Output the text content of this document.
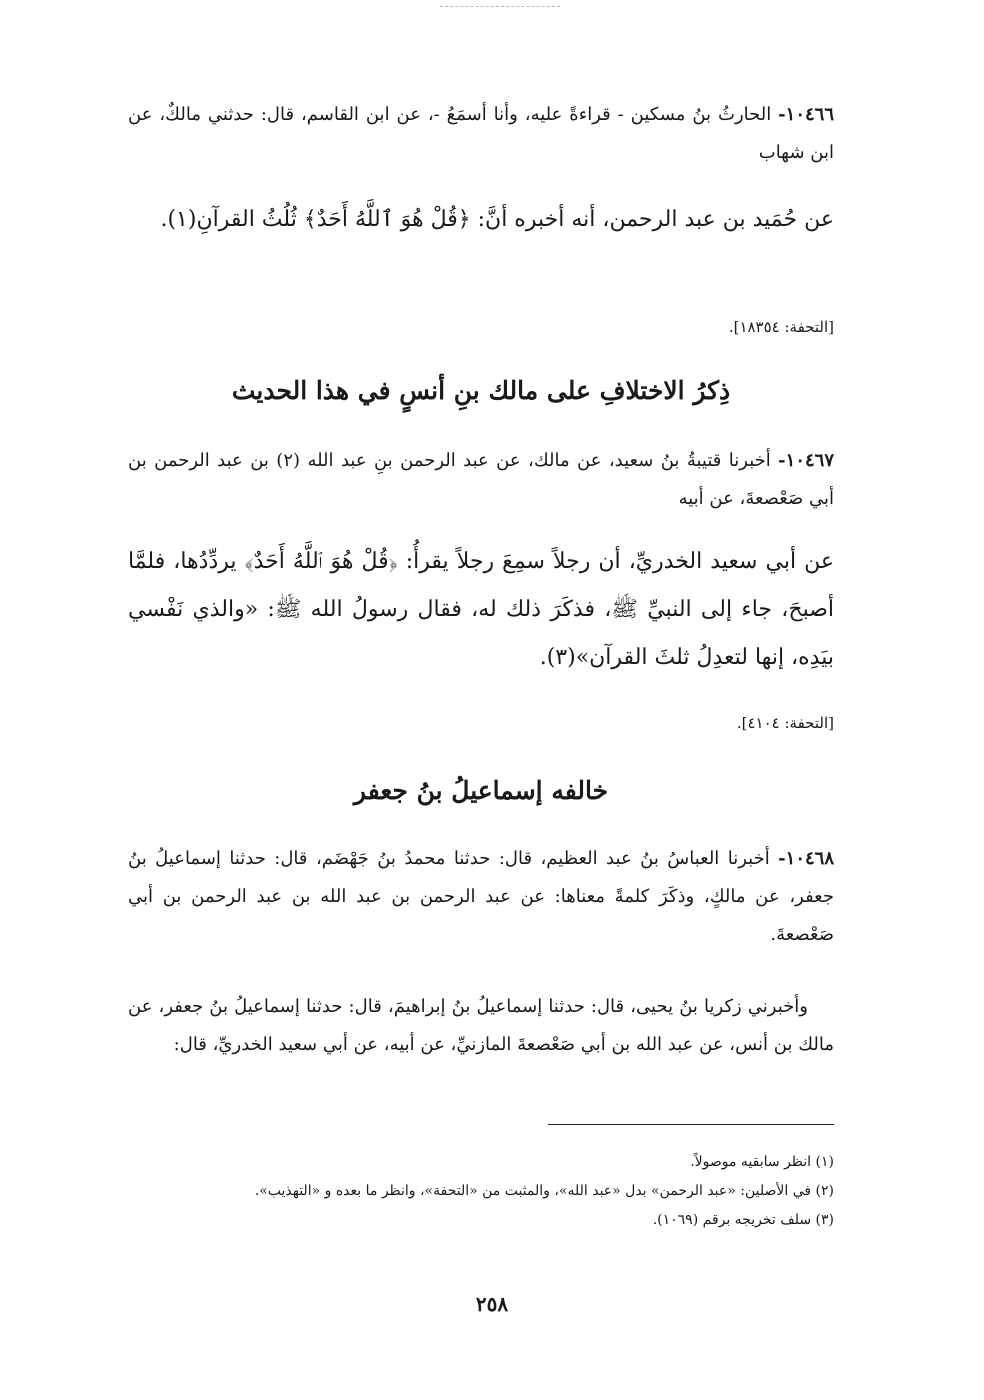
١٠٤٦٦- الحارثُ بنُ مسكين - قراءةً عليه، وأنا أسمَعُ -، عن ابن القاسم، قال: حدثني مالكٌ، عن ابن شهاب

عن حُمَيد بن عبد الرحمن، أنه أخبره أنَّ: ﴿قُلْ هُوَ ٱللَّهُ أَحَدٌ﴾ ثُلُثُ القرآنِ(١).

[التحفة: ١٨٣٥٤].
ذِكرُ الاختلافِ على مالك بنِ أنسٍ في هذا الحديث

١٠٤٦٧- أخبرنا قتيبةُ بنُ سعيد، عن مالك، عن عبد الرحمن بنِ عبد الله (٢) بن عبد الرحمن بن أبي صَعْصعةَ، عن أبيه

عن أبي سعيد الخدريِّ، أن رجلاً سمِعَ رجلاً يقرأُ: ﴿قُلْ هُوَ ٱللَّهُ أَحَدٌ﴾ يردِّدُها، فلمَّا أصبحَ، جاء إلى النبيِّ ﷺ، فذكَرَ ذلك له، فقال رسولُ الله ﷺ: «والذي نَفْسي بيَدِه، إنها لتعدِلُ ثلثَ القرآن»(٣).

[التحفة: ٤١٠٤].
خالفه إسماعيلُ بنُ جعفر

١٠٤٦٨- أخبرنا العباسُ بنُ عبد العظيم، قال: حدثنا محمدُ بنُ جَهْضَم، قال: حدثنا إسماعيلُ بنُ جعفر، عن مالكٍ، وذكَرَ كلمةً معناها: عن عبد الرحمن بن عبد الله بن عبد الرحمن بن أبي صَعْصعةَ.

وأخبرني زكريا بنُ يحيى، قال: حدثنا إسماعيلُ بنُ إبراهيمَ، قال: حدثنا إسماعيلُ بنُ جعفر، عن مالك بن أنس، عن عبد الله بن أبي صَعْصعةَ المازنيِّ، عن أبيه، عن أبي سعيد الخدريِّ، قال:

(١) انظر سابقيه موصولاً.
(٢) في الأصلين: «عبد الرحمن» بدل «عبد الله»، والمثبت من «التحفة»، وانظر ما بعده و «التهذيب».
(٣) سلف تخريجه برقم (١٠٦٩).
٢٥٨
